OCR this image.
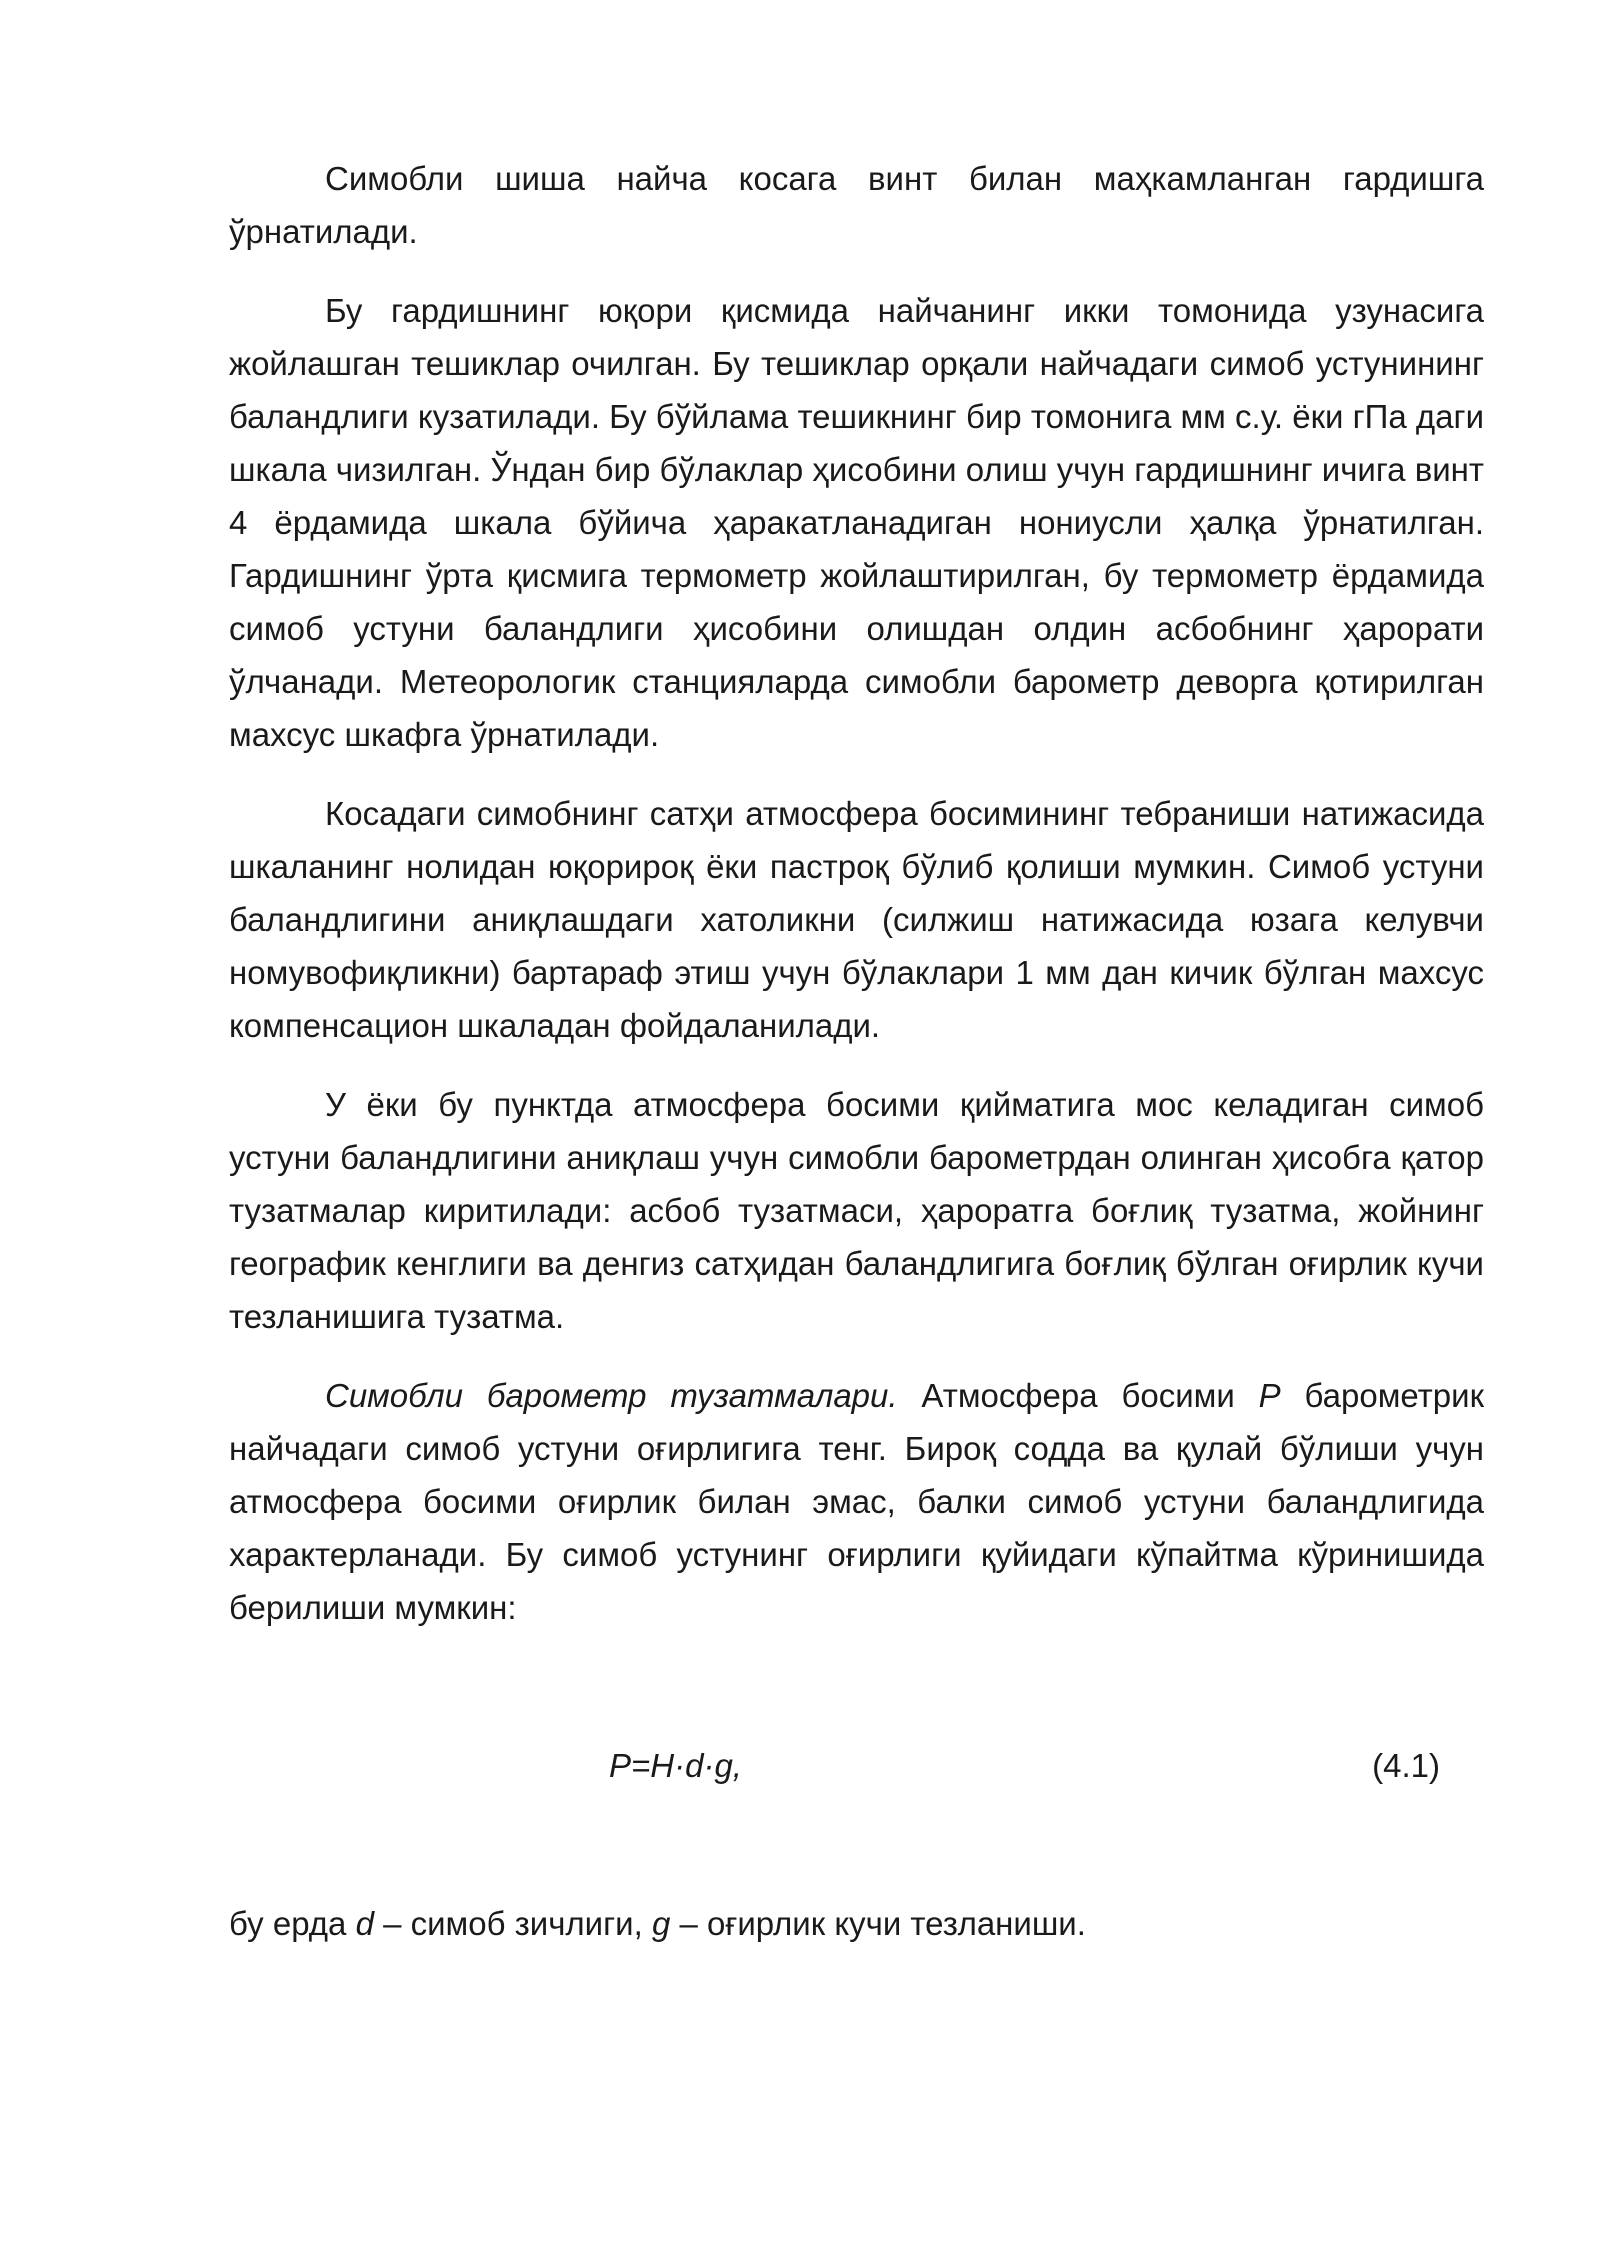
Симобли шиша найча косага винт билан маҳкамланган гардишга ўрнатилади.

Бу гардишнинг юқори қисмида найчанинг икки томонида узунасига жойлашган тешиклар очилган. Бу тешиклар орқали найчадаги симоб устунининг баландлиги кузатилади. Бу бўйлама тешикнинг бир томонига мм с.у. ёки гПа даги шкала чизилган. Ўндан бир бўлаклар ҳисобини олиш учун гардишнинг ичига винт 4 ёрдамида шкала бўйича ҳаракатланадиган нониусли ҳалқа ўрнатилган. Гардишнинг ўрта қисмига термометр жойлаштирилган, бу термометр ёрдамида симоб устуни баландлиги ҳисобини олишдан олдин асбобнинг ҳарорати ўлчанади. Метеорологик станцияларда симобли барометр деворга қотирилган махсус шкафга ўрнатилади.

Косадаги симобнинг сатҳи атмосфера босимининг тебраниши натижасида шкаланинг нолидан юқорироқ ёки пастроқ бўлиб қолиши мумкин. Симоб устуни баландлигини аниқлашдаги хатоликни (силжиш натижасида юзага келувчи номувофиқликни) бартараф этиш учун бўлаклари 1 мм дан кичик бўлган махсус компенсацион шкаладан фойдаланилади.

У ёки бу пунктда атмосфера босими қийматига мос келадиган симоб устуни баландлигини аниқлаш учун симобли барометрдан олинган ҳисобга қатор тузатмалар киритилади: асбоб тузатмаси, ҳароратга боғлиқ тузатма, жойнинг географик кенглиги ва денгиз сатҳидан баландлигига боғлиқ бўлган оғирлик кучи тезланишига тузатма.

Симобли барометр тузатмалари. Атмосфера босими P барометрик найчадаги симоб устуни оғирлигига тенг. Бироқ содда ва қулай бўлиши учун атмосфера босими оғирлик билан эмас, балки симоб устуни баландлигида характерланади. Бу симоб устунинг оғирлиги қуйидаги кўпайтма кўринишида берилиши мумкин:

P=H·d·g,	(4.1)

бу ерда d – симоб зичлиги, g – оғирлик кучи тезланиши.
